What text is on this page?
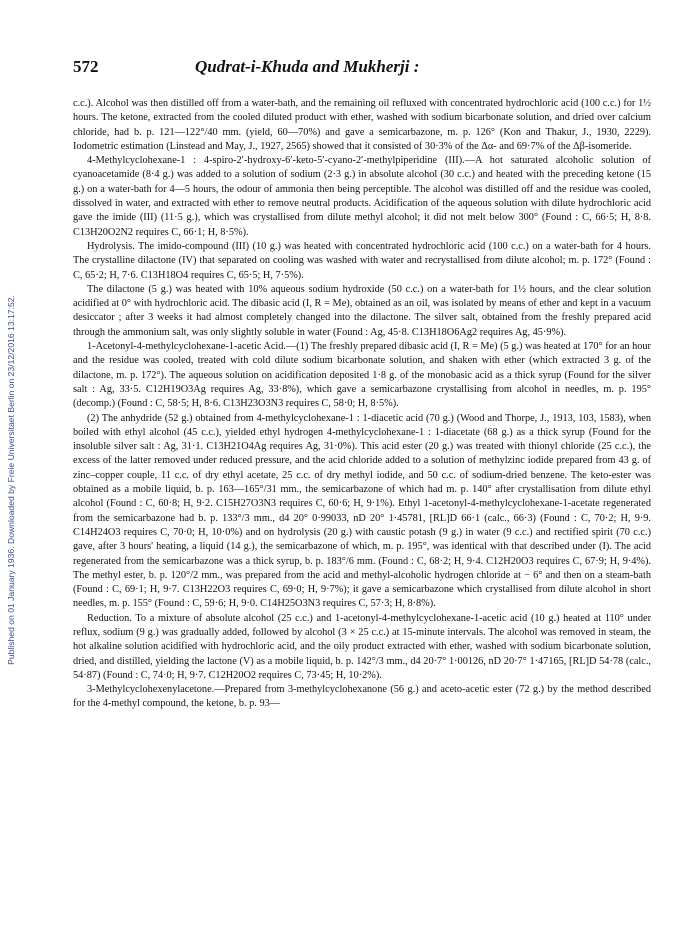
Published on 01 January 1936. Downloaded by Freie Universitaet Berlin on 23/12/2016 13:17:52.
572	Qudrat-i-Khuda and Mukherji :

c.c.). Alcohol was then distilled off from a water-bath, and the remaining oil refluxed with concentrated hydrochloric acid (100 c.c.) for 1½ hours. The ketone, extracted from the cooled diluted product with ether, washed with sodium bicarbonate solution, and dried over calcium chloride, had b. p. 121—122°/40 mm. (yield, 60—70%) and gave a semicarbazone, m. p. 126° (Kon and Thakur, J., 1930, 2229). Iodometric estimation (Linstead and May, J., 1927, 2565) showed that it consisted of 30·3% of the Δα- and 69·7% of the Δβ-isomeride.

4-Methylcyclohexane-1 : 4-spiro-2′-hydroxy-6′-keto-5′-cyano-2′-methylpiperidine (III).—A hot saturated alcoholic solution of cyanoacetamide (8·4 g.) was added to a solution of sodium (2·3 g.) in absolute alcohol (30 c.c.) and heated with the preceding ketone (15 g.) on a water-bath for 4—5 hours, the odour of ammonia then being perceptible. The alcohol was distilled off and the residue was cooled, dissolved in water, and extracted with ether to remove neutral products. Acidification of the aqueous solution with dilute hydrochloric acid gave the imide (III) (11·5 g.), which was crystallised from dilute methyl alcohol; it did not melt below 300° (Found : C, 66·5; H, 8·8. C13H20O2N2 requires C, 66·1; H, 8·5%).

Hydrolysis. The imido-compound (III) (10 g.) was heated with concentrated hydrochloric acid (100 c.c.) on a water-bath for 4 hours. The crystalline dilactone (IV) that separated on cooling was washed with water and recrystallised from dilute alcohol; m. p. 172° (Found : C, 65·2; H, 7·6. C13H18O4 requires C, 65·5; H, 7·5%).

The dilactone (5 g.) was heated with 10% aqueous sodium hydroxide (50 c.c.) on a water-bath for 1½ hours, and the clear solution acidified at 0° with hydrochloric acid. The dibasic acid (I, R = Me), obtained as an oil, was isolated by means of ether and kept in a vacuum desiccator ; after 3 weeks it had almost completely changed into the dilactone. The silver salt, obtained from the freshly prepared acid through the ammonium salt, was only slightly soluble in water (Found : Ag, 45·8. C13H18O6Ag2 requires Ag, 45·9%).

1-Acetonyl-4-methylcyclohexane-1-acetic Acid.—(1) The freshly prepared dibasic acid (I, R = Me) (5 g.) was heated at 170° for an hour and the residue was cooled, treated with cold dilute sodium bicarbonate solution, and shaken with ether (which extracted 3 g. of the dilactone, m. p. 172°). The aqueous solution on acidification deposited 1·8 g. of the monobasic acid as a thick syrup (Found for the silver salt : Ag, 33·5. C12H19O3Ag requires Ag, 33·8%), which gave a semicarbazone crystallising from alcohol in needles, m. p. 195° (decomp.) (Found : C, 58·5; H, 8·6. C13H23O3N3 requires C, 58·0; H, 8·5%).

(2) The anhydride (52 g.) obtained from 4-methylcyclohexane-1 : 1-diacetic acid (70 g.) (Wood and Thorpe, J., 1913, 103, 1583), when boiled with ethyl alcohol (45 c.c.), yielded ethyl hydrogen 4-methylcyclohexane-1 : 1-diacetate (68 g.) as a thick syrup (Found for the insoluble silver salt : Ag, 31·1. C13H21O4Ag requires Ag, 31·0%). This acid ester (20 g.) was treated with thionyl chloride (25 c.c.), the excess of the latter removed under reduced pressure, and the acid chloride added to a solution of methylzinc iodide prepared from 43 g. of zinc–copper couple, 11 c.c. of dry ethyl acetate, 25 c.c. of dry methyl iodide, and 50 c.c. of sodium-dried benzene. The keto-ester was obtained as a mobile liquid, b. p. 163—165°/31 mm., the semicarbazone of which had m. p. 140° after crystallisation from dilute ethyl alcohol (Found : C, 60·8; H, 9·2. C15H27O3N3 requires C, 60·6; H, 9·1%). Ethyl 1-acetonyl-4-methylcyclohexane-1-acetate regenerated from the semicarbazone had b. p. 133°/3 mm., d4 20° 0·99033, nD 20° 1·45781, [RL]D 66·1 (calc., 66·3) (Found : C, 70·2; H, 9·9. C14H24O3 requires C, 70·0; H, 10·0%) and on hydrolysis (20 g.) with caustic potash (9 g.) in water (9 c.c.) and rectified spirit (70 c.c.) gave, after 3 hours' heating, a liquid (14 g.), the semicarbazone of which, m. p. 195°, was identical with that described under (I). The acid regenerated from the semicarbazone was a thick syrup, b. p. 183°/6 mm. (Found : C, 68·2; H, 9·4. C12H20O3 requires C, 67·9; H, 9·4%). The methyl ester, b. p. 120°/2 mm., was prepared from the acid and methyl-alcoholic hydrogen chloride at − 6° and then on a steam-bath (Found : C, 69·1; H, 9·7. C13H22O3 requires C, 69·0; H, 9·7%); it gave a semicarbazone which crystallised from dilute alcohol in short needles, m. p. 155° (Found : C, 59·6; H, 9·0. C14H25O3N3 requires C, 57·3; H, 8·8%).

Reduction. To a mixture of absolute alcohol (25 c.c.) and 1-acetonyl-4-methylcyclohexane-1-acetic acid (10 g.) heated at 110° under reflux, sodium (9 g.) was gradually added, followed by alcohol (3 × 25 c.c.) at 15-minute intervals. The alcohol was removed in steam, the hot alkaline solution acidified with hydrochloric acid, and the oily product extracted with ether, washed with sodium bicarbonate solution, dried, and distilled, yielding the lactone (V) as a mobile liquid, b. p. 142°/3 mm., d4 20·7° 1·00126, nD 20·7° 1·47165, [RL]D 54·78 (calc., 54·87) (Found : C, 74·0; H, 9·7. C12H20O2 requires C, 73·45; H, 10·2%).

3-Methylcyclohexenylacetone.—Prepared from 3-methylcyclohexanone (56 g.) and aceto-acetic ester (72 g.) by the method described for the 4-methyl compound, the ketone, b. p. 93—
